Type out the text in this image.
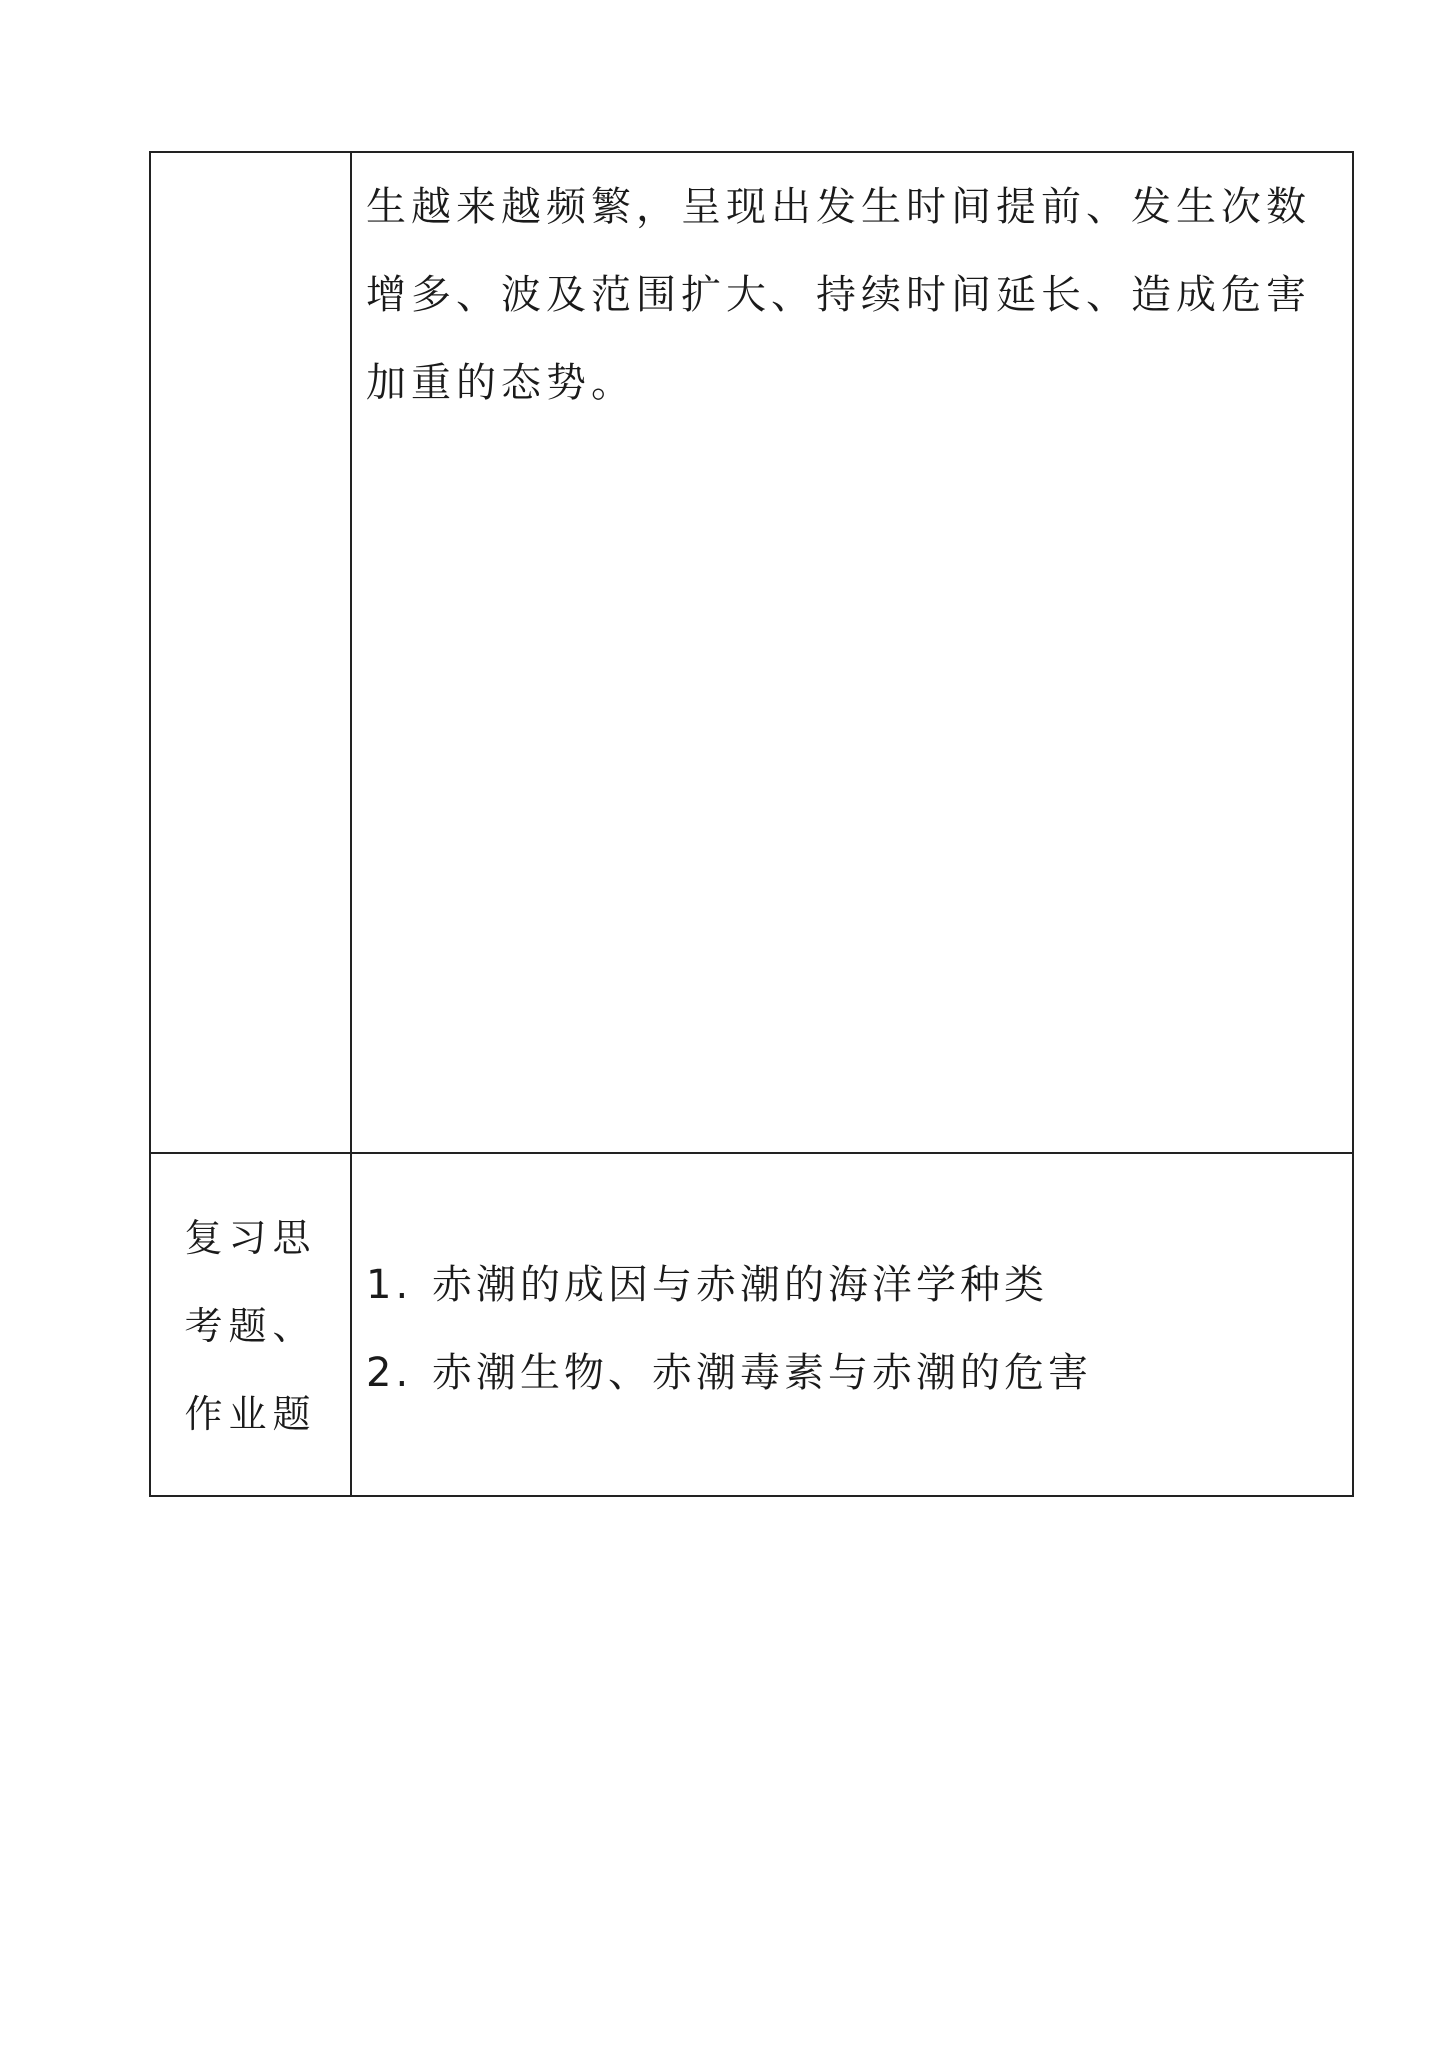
生越来越频繁，呈现出发生时间提前、发生次数增多、波及范围扩大、持续时间延长、造成危害加重的态势。

复习思考题、作业题

1. 赤潮的成因与赤潮的海洋学种类
2. 赤潮生物、赤潮毒素与赤潮的危害
